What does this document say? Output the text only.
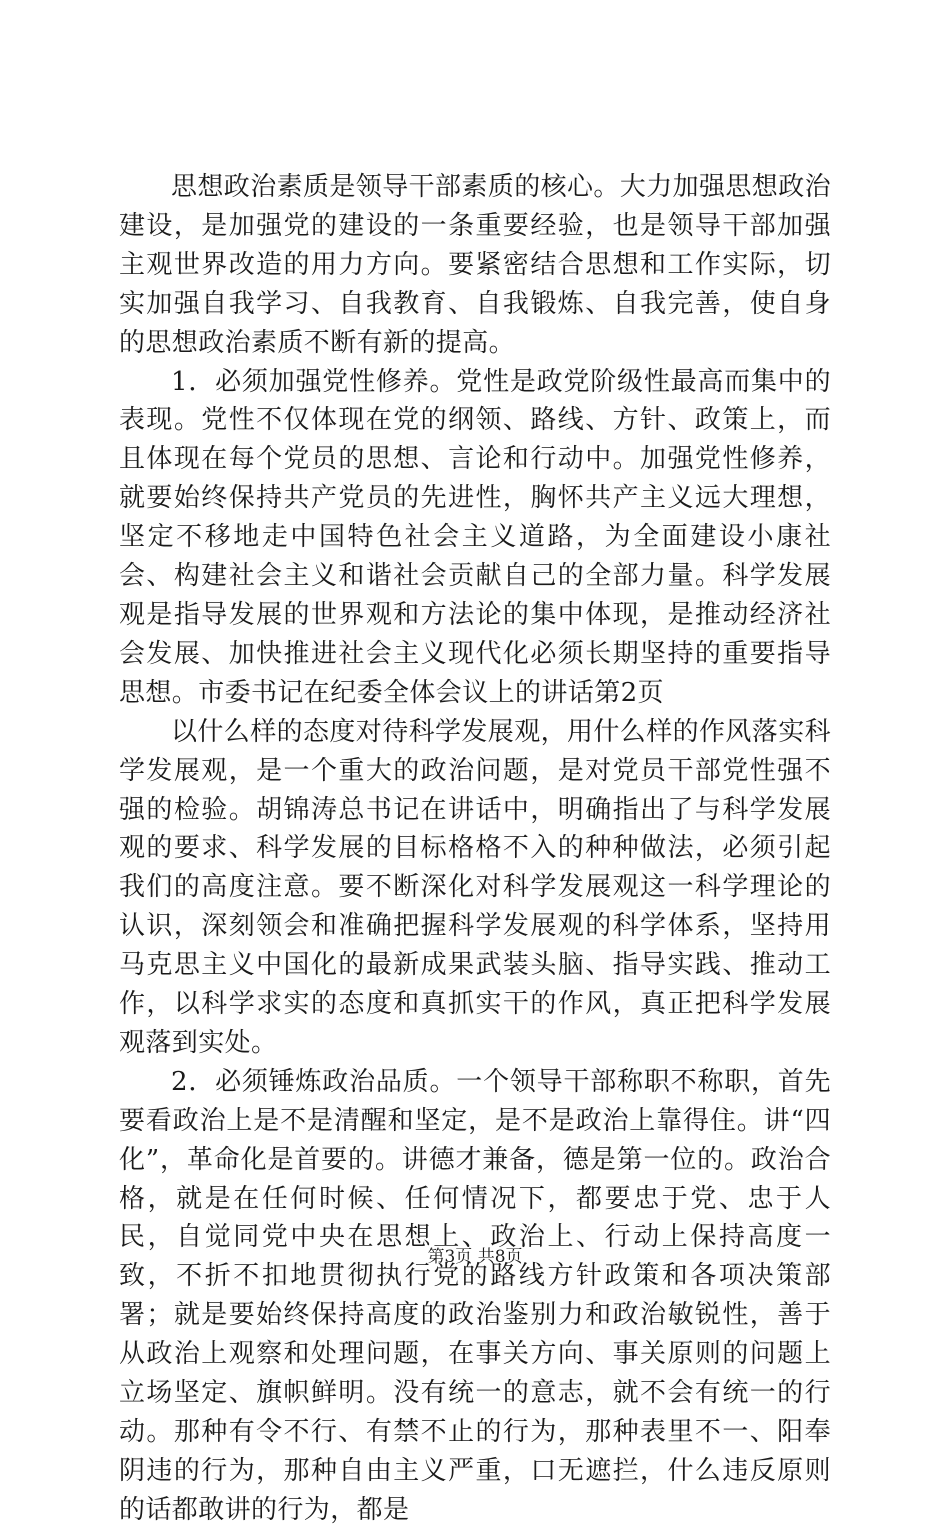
思想政治素质是领导干部素质的核心。大力加强思想政治建设，是加强党的建设的一条重要经验，也是领导干部加强主观世界改造的用力方向。要紧密结合思想和工作实际，切实加强自我学习、自我教育、自我锻炼、自我完善，使自身的思想政治素质不断有新的提高。

1．必须加强党性修养。党性是政党阶级性最高而集中的表现。党性不仅体现在党的纲领、路线、方针、政策上，而且体现在每个党员的思想、言论和行动中。加强党性修养，就要始终保持共产党员的先进性，胸怀共产主义远大理想，坚定不移地走中国特色社会主义道路，为全面建设小康社会、构建社会主义和谐社会贡献自己的全部力量。科学发展观是指导发展的世界观和方法论的集中体现，是推动经济社会发展、加快推进社会主义现代化必须长期坚持的重要指导思想。市委书记在纪委全体会议上的讲话第2页

以什么样的态度对待科学发展观，用什么样的作风落实科学发展观，是一个重大的政治问题，是对党员干部党性强不强的检验。胡锦涛总书记在讲话中，明确指出了与科学发展观的要求、科学发展的目标格格不入的种种做法，必须引起我们的高度注意。要不断深化对科学发展观这一科学理论的认识，深刻领会和准确把握科学发展观的科学体系，坚持用马克思主义中国化的最新成果武装头脑、指导实践、推动工作，以科学求实的态度和真抓实干的作风，真正把科学发展观落到实处。

2．必须锤炼政治品质。一个领导干部称职不称职，首先要看政治上是不是清醒和坚定，是不是政治上靠得住。讲“四化”，革命化是首要的。讲德才兼备，德是第一位的。政治合格，就是在任何时候、任何情况下，都要忠于党、忠于人民，自觉同党中央在思想上、政治上、行动上保持高度一致，不折不扣地贯彻执行党的路线方针政策和各项决策部署；就是要始终保持高度的政治鉴别力和政治敏锐性，善于从政治上观察和处理问题，在事关方向、事关原则的问题上立场坚定、旗帜鲜明。没有统一的意志，就不会有统一的行动。那种有令不行、有禁不止的行为，那种表里不一、阳奉阴违的行为，那种自由主义严重，口无遮拦，什么违反原则的话都敢讲的行为，都是

第3页 共8页
